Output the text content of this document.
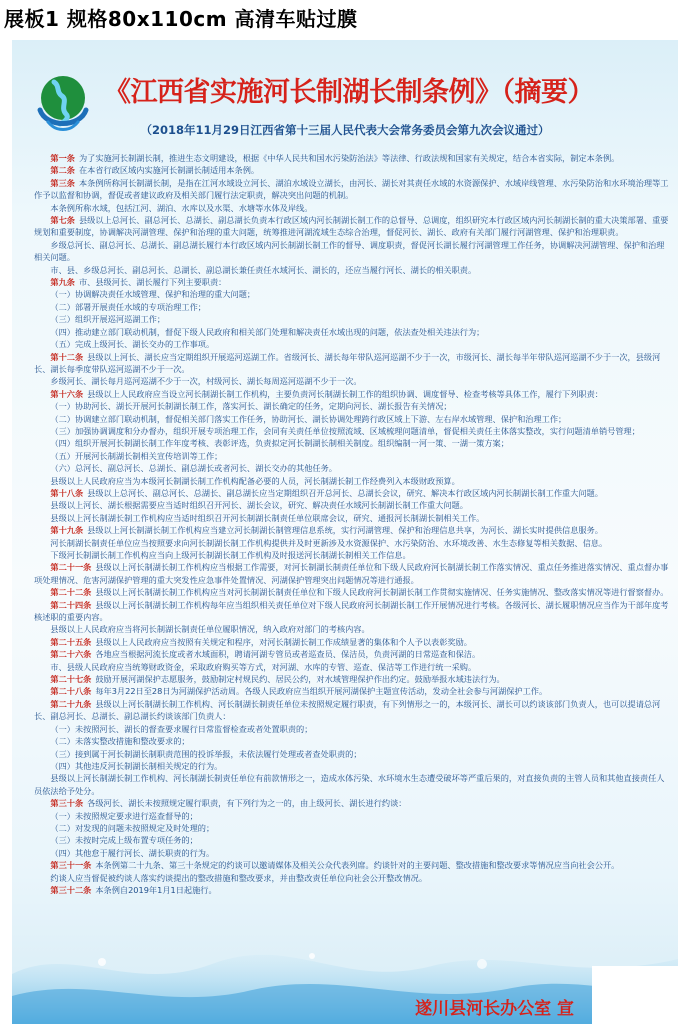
展板1 规格80x110cm 高清车贴过膜
《江西省实施河长制湖长制条例》（摘要）
（2018年11月29日江西省第十三届人民代表大会常务委员会第九次会议通过）

第一条 为了实施河长制湖长制，推进生态文明建设，根据《中华人民共和国水污染防治法》等法律、行政法规和国家有关规定，结合本省实际，制定本条例。

第二条 在本省行政区域内实施河长制湖长制适用本条例。

第三条 本条例所称河长制湖长制，是指在江河水域设立河长、湖泊水域设立湖长，由河长、湖长对其责任水域的水资源保护、水域岸线管理、水污染防治和水环境治理等工作予以监督和协调，督促或者建议政府及相关部门履行法定职责，解决突出问题的机制。

本条例所称水域，包括江河、湖泊、水库以及水渠、水塘等水体及岸线。

第七条 县级以上总河长、副总河长、总湖长、副总湖长负责本行政区域内河长制湖长制工作的总督导、总调度，组织研究本行政区域内河长制湖长制的重大决策部署、重要规划和重要制度，协调解决河湖管理、保护和治理的重大问题，统筹推进河湖流域生态综合治理，督促河长、湖长、政府有关部门履行河湖管理、保护和治理职责。

乡级总河长、副总河长、总湖长、副总湖长履行本行政区域内河长制湖长制工作的督导、调度职责，督促河长湖长履行河湖管理工作任务，协调解决河湖管理、保护和治理相关问题。

市、县、乡级总河长、副总河长、总湖长、副总湖长兼任责任水域河长、湖长的，还应当履行河长、湖长的相关职责。

第九条 市、县级河长、湖长履行下列主要职责：

（一）协调解决责任水域管理、保护和治理的重大问题；

（二）部署开展责任水域的专项治理工作；

（三）组织开展巡河巡湖工作；

（四）推动建立部门联动机制，督促下级人民政府和相关部门处理和解决责任水域出现的问题，依法查处相关违法行为；

（五）完成上级河长、湖长交办的工作事项。

第十二条 县级以上河长、湖长应当定期组织开展巡河巡湖工作。省级河长、湖长每年带队巡河巡湖不少于一次，市级河长、湖长每半年带队巡河巡湖不少于一次，县级河长、湖长每季度带队巡河巡湖不少于一次。

乡级河长、湖长每月巡河巡湖不少于一次，村级河长、湖长每周巡河巡湖不少于一次。

第十六条 县级以上人民政府应当设立河长制湖长制工作机构，主要负责河长制湖长制工作的组织协调、调度督导、检查考核等具体工作，履行下列职责：

（一）协助河长、湖长开展河长制湖长制工作，落实河长、湖长确定的任务，定期向河长、湖长报告有关情况；

（二）协调建立部门联动机制，督促相关部门落实工作任务，协助河长、湖长协调处理跨行政区域上下游、左右岸水域管理、保护和治理工作；

（三）加强协调调度和分办督办，组织开展专项治理工作，会同有关责任单位按照流域、区域梳理问题清单，督促相关责任主体落实整改，实行问题清单销号管理；

（四）组织开展河长制湖长制工作年度考核、表彰评选，负责拟定河长制湖长制相关制度。组织编制一河一策、一湖一策方案；

（五）开展河长制湖长制相关宣传培训等工作；

（六）总河长、副总河长、总湖长、副总湖长或者河长、湖长交办的其他任务。

县级以上人民政府应当为本级河长制湖长制工作机构配备必要的人员，河长制湖长制工作经费列入本级财政预算。

第十八条 县级以上总河长、副总河长、总湖长、副总湖长应当定期组织召开总河长、总湖长会议，研究、解决本行政区域内河长制湖长制工作重大问题。

县级以上河长、湖长根据需要应当适时组织召开河长、湖长会议，研究、解决责任水域河长制湖长制工作重大问题。

县级以上河长制湖长制工作机构应当适时组织召开河长制湖长制责任单位联席会议，研究、通报河长制湖长制相关工作。

第十九条 县级以上河长制湖长制工作机构应当建立河长制湖长制管理信息系统，实行河湖管理、保护和治理信息共享，为河长、湖长实时提供信息服务。

河长制湖长制责任单位应当按照要求向河长制湖长制工作机构提供并及时更新涉及水资源保护、水污染防治、水环境改善、水生态修复等相关数据、信息。

下级河长制湖长制工作机构应当向上级河长制湖长制工作机构及时报送河长制湖长制相关工作信息。

第二十一条 县级以上河长制湖长制工作机构应当根据工作需要，对河长制湖长制责任单位和下级人民政府河长制湖长制工作落实情况、重点任务推进落实情况、重点督办事项处理情况、危害河湖保护管理的重大突发性应急事件处置情况、河湖保护管理突出问题情况等进行通报。

第二十二条 县级以上河长制湖长制工作机构应当对河长制湖长制责任单位和下级人民政府河长制湖长制工作贯彻实施情况、任务实施情况、整改落实情况等进行督察督办。

第二十四条 县级以上河长制湖长制工作机构每年应当组织相关责任单位对下级人民政府河长制湖长制工作开展情况进行考核。各级河长、湖长履职情况应当作为干部年度考核述职的重要内容。

县级以上人民政府应当将河长制湖长制责任单位履职情况，纳入政府对部门的考核内容。

第二十五条 县级以上人民政府应当按照有关规定和程序，对河长制湖长制工作成绩显著的集体和个人予以表彰奖励。

第二十六条 各地应当根据河流长度或者水域面积，聘请河湖专管员或者巡查员、保洁员，负责河湖的日常巡查和保洁。

市、县级人民政府应当统筹财政资金，采取政府购买等方式，对河湖、水库的专管、巡查、保洁等工作进行统一采购。

第二十七条 鼓励开展河湖保护志愿服务，鼓励制定村规民约、居民公约，对水域管理保护作出约定。鼓励举报水域违法行为。

第二十八条 每年3月22日至28日为河湖保护活动周。各级人民政府应当组织开展河湖保护主题宣传活动，发动全社会参与河湖保护工作。

第二十九条 县级以上河长制湖长制工作机构、河长制湖长制责任单位未按照规定履行职责，有下列情形之一的，本级河长、湖长可以约谈该部门负责人，也可以提请总河长、副总河长、总湖长、副总湖长约谈该部门负责人：

（一）未按照河长、湖长的督查要求履行日常监督检查或者处置职责的；

（二）未落实整改措施和整改要求的；

（三）接到属于河长制湖长制职责范围的投诉举报，未依法履行处理或者查处职责的；

（四）其他违反河长制湖长制相关规定的行为。

县级以上河长制湖长制工作机构、河长制湖长制责任单位有前款情形之一，造成水体污染、水环境水生态遭受破坏等严重后果的，对直接负责的主管人员和其他直接责任人员依法给予处分。

第三十条 各级河长、湖长未按照规定履行职责，有下列行为之一的，由上级河长、湖长进行约谈：

（一）未按照规定要求进行巡查督导的；

（二）对发现的问题未按照规定及时处理的；

（三）未按时完成上级布置专项任务的；

（四）其他怠于履行河长、湖长职责的行为。

第三十一条 本条例第二十九条、第三十条规定的约谈可以邀请媒体及相关公众代表列席。约谈针对的主要问题、整改措施和整改要求等情况应当向社会公开。

约谈人应当督促被约谈人落实约谈提出的整改措施和整改要求，并由整改责任单位向社会公开整改情况。

第三十二条 本条例自2019年1月1日起施行。

遂川县河长办公室 宣
